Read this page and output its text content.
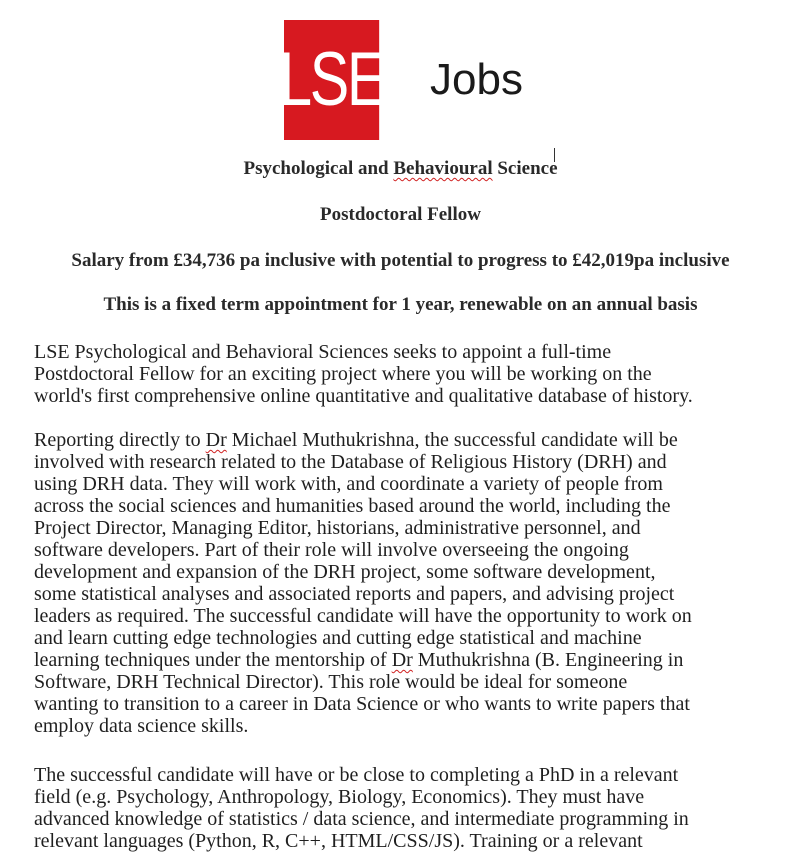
LSE Jobs
Psychological and Behavioural Science
Postdoctoral Fellow
Salary from £34,736 pa inclusive with potential to progress to £42,019pa inclusive
This is a fixed term appointment for 1 year, renewable on an annual basis
LSE Psychological and Behavioral Sciences seeks to appoint a full-time
Postdoctoral Fellow for an exciting project where you will be working on the
world's first comprehensive online quantitative and qualitative database of history.
Reporting directly to Dr Michael Muthukrishna, the successful candidate will be
involved with research related to the Database of Religious History (DRH) and
using DRH data. They will work with, and coordinate a variety of people from
across the social sciences and humanities based around the world, including the
Project Director, Managing Editor, historians, administrative personnel, and
software developers. Part of their role will involve overseeing the ongoing
development and expansion of the DRH project, some software development,
some statistical analyses and associated reports and papers, and advising project
leaders as required. The successful candidate will have the opportunity to work on
and learn cutting edge technologies and cutting edge statistical and machine
learning techniques under the mentorship of Dr Muthukrishna (B. Engineering in
Software, DRH Technical Director). This role would be ideal for someone
wanting to transition to a career in Data Science or who wants to write papers that
employ data science skills.
The successful candidate will have or be close to completing a PhD in a relevant
field (e.g. Psychology, Anthropology, Biology, Economics). They must have
advanced knowledge of statistics / data science, and intermediate programming in
relevant languages (Python, R, C++, HTML/CSS/JS). Training or a relevant
